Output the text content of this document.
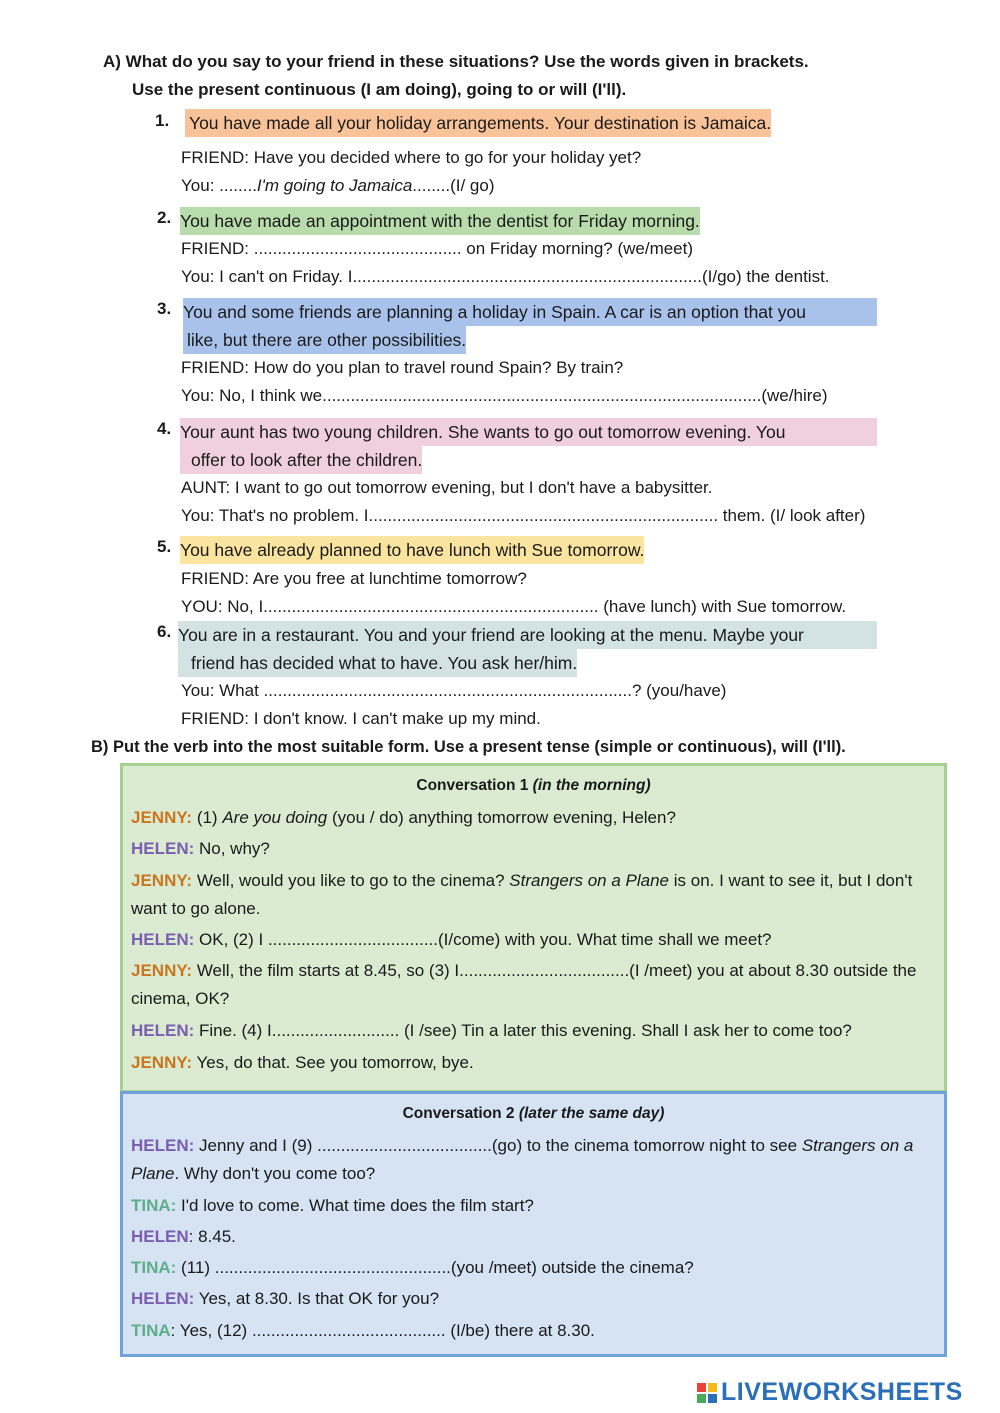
A) What do you say to your friend in these situations? Use the words given in brackets.
Use the present continuous (I am doing), going to or will (I'll).
1. You have made all your holiday arrangements. Your destination is Jamaica.
FRIEND: Have you decided where to go for your holiday yet?
You: ........I'm going to Jamaica........(I/ go)
2. You have made an appointment with the dentist for Friday morning.
FRIEND: ............................................ on Friday morning? (we/meet)
You: I can't on Friday. I..........................................................................(I/go) the dentist.
3. You and some friends are planning a holiday in Spain. A car is an option that you
like, but there are other possibilities.
FRIEND: How do you plan to travel round Spain? By train?
You: No, I think we.............................................................................................(we/hire)
4. Your aunt has two young children. She wants to go out tomorrow evening. You
offer to look after the children.
AUNT: I want to go out tomorrow evening, but I don't have a babysitter.
You: That's no problem. I.......................................................................... them. (I/ look after)
5. You have already planned to have lunch with Sue tomorrow.
FRIEND: Are you free at lunchtime tomorrow?
YOU: No, I....................................................................... (have lunch) with Sue tomorrow.
6. You are in a restaurant. You and your friend are looking at the menu. Maybe your
friend has decided what to have. You ask her/him.
You: What ..............................................................................? (you/have)
FRIEND: I don't know. I can't make up my mind.
B) Put the verb into the most suitable form. Use a present tense (simple or continuous), will (I'll).
Conversation 1 (in the morning)
JENNY: (1) Are you doing (you / do) anything tomorrow evening, Helen?
HELEN: No, why?
JENNY: Well, would you like to go to the cinema? Strangers on a Plane is on. I want to see it, but I don't want to go alone.
HELEN: OK, (2) I ....................................(I/come) with you. What time shall we meet?
JENNY: Well, the film starts at 8.45, so (3) I....................................(I /meet) you at about 8.30 outside the cinema, OK?
HELEN: Fine. (4) I........................... (I /see) Tin a later this evening. Shall I ask her to come too?
JENNY: Yes, do that. See you tomorrow, bye.
Conversation 2 (later the same day)
HELEN: Jenny and I (9) .....................................(go) to the cinema tomorrow night to see Strangers on a Plane. Why don't you come too?
TINA: I'd love to come. What time does the film start?
HELEN: 8.45.
TINA: (11) ..................................................(you /meet) outside the cinema?
HELEN: Yes, at 8.30. Is that OK for you?
TINA: Yes, (12) ......................................... (I/be) there at 8.30.
LIVEWORKSHEETS
